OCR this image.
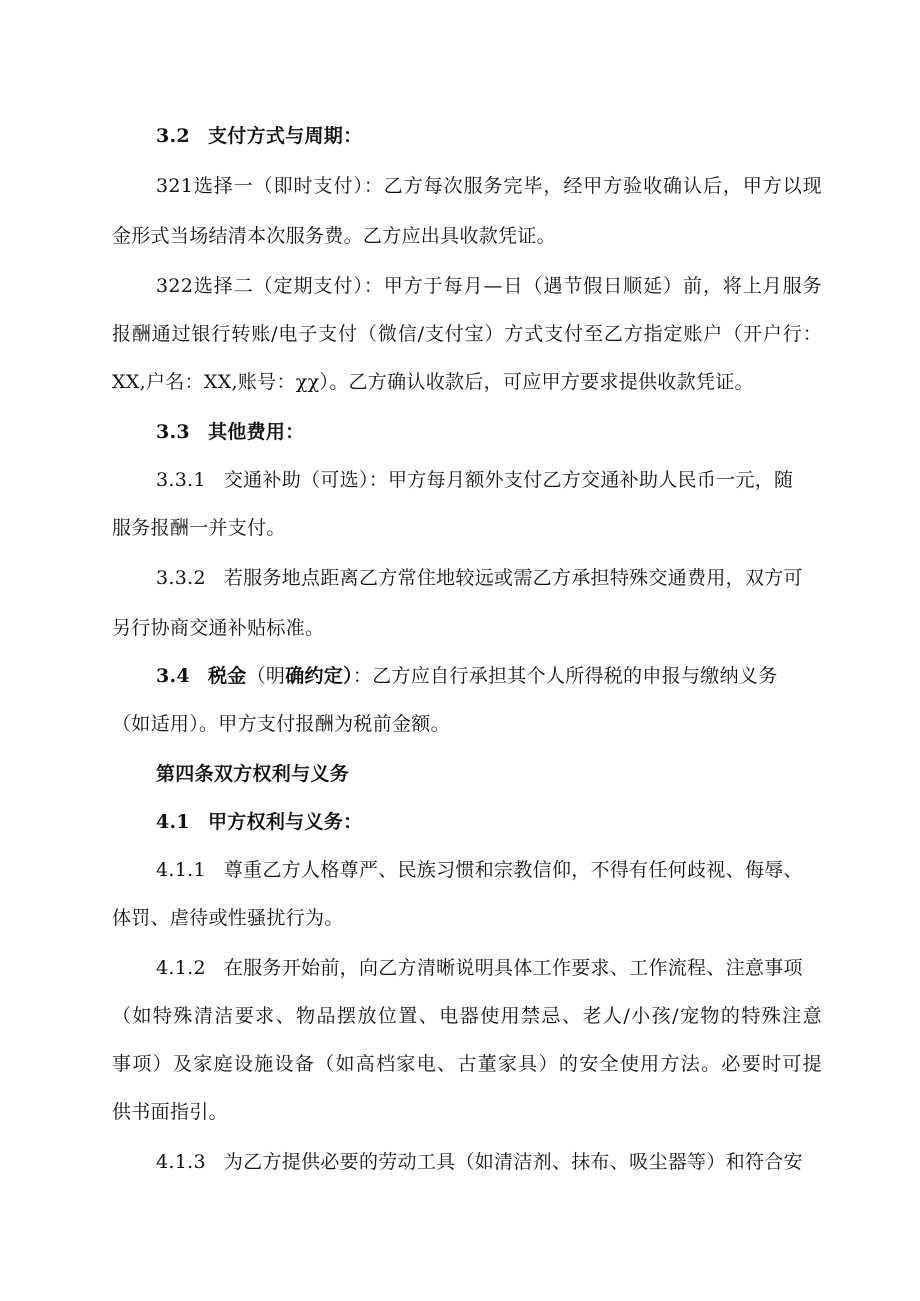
3.2 支付方式与周期：
321选择一（即时支付）：乙方每次服务完毕，经甲方验收确认后，甲方以现
金形式当场结清本次服务费。乙方应出具收款凭证。
322选择二（定期支付）：甲方于每月—日（遇节假日顺延）前，将上月服务
报酬通过银行转账/电子支付（微信/支付宝）方式支付至乙方指定账户（开户行：
XX,户名：XX,账号：χχ）。乙方确认收款后，可应甲方要求提供收款凭证。
3.3 其他费用：
3.3.1 交通补助（可选）：甲方每月额外支付乙方交通补助人民币一元，随
服务报酬一并支付。
3.3.2 若服务地点距离乙方常住地较远或需乙方承担特殊交通费用，双方可
另行协商交通补贴标准。
3.4 税金（明确约定）：乙方应自行承担其个人所得税的申报与缴纳义务
（如适用）。甲方支付报酬为税前金额。
第四条双方权利与义务
4.1 甲方权利与义务：
4.1.1 尊重乙方人格尊严、民族习惯和宗教信仰，不得有任何歧视、侮辱、
体罚、虐待或性骚扰行为。
4.1.2 在服务开始前，向乙方清晰说明具体工作要求、工作流程、注意事项
（如特殊清洁要求、物品摆放位置、电器使用禁忌、老人/小孩/宠物的特殊注意
事项）及家庭设施设备（如高档家电、古董家具）的安全使用方法。必要时可提
供书面指引。
4.1.3 为乙方提供必要的劳动工具（如清洁剂、抹布、吸尘器等）和符合安
